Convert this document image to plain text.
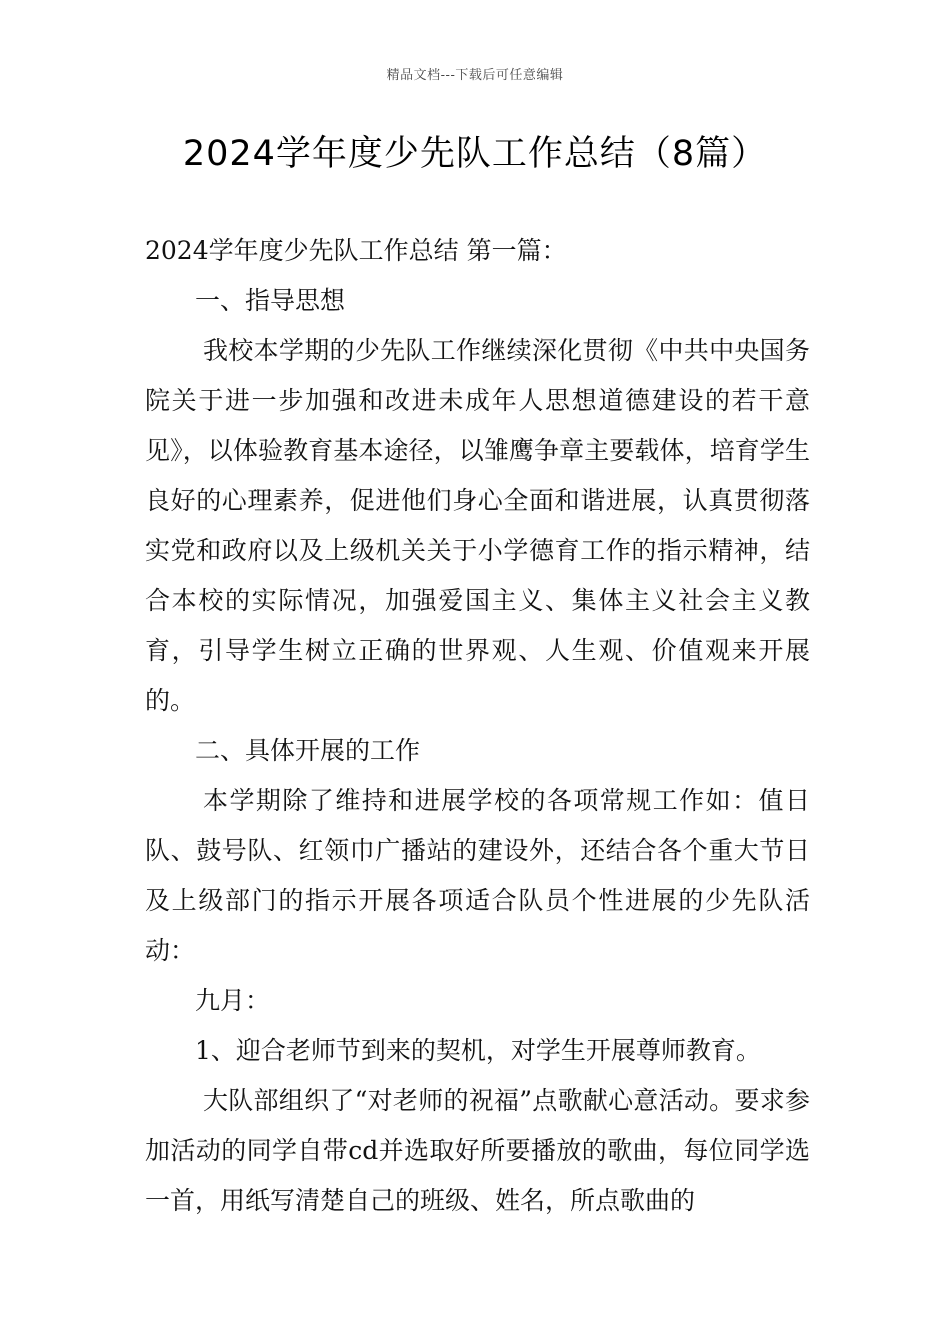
精品文档---下载后可任意编辑
2024学年度少先队工作总结（8篇）

2024学年度少先队工作总结 第一篇：

一、指导思想

我校本学期的少先队工作继续深化贯彻《中共中央国务院关于进一步加强和改进未成年人思想道德建设的若干意见》，以体验教育基本途径，以雏鹰争章主要载体，培育学生良好的心理素养，促进他们身心全面和谐进展，认真贯彻落实党和政府以及上级机关关于小学德育工作的指示精神，结合本校的实际情况，加强爱国主义、集体主义社会主义教育，引导学生树立正确的世界观、人生观、价值观来开展的。

二、具体开展的工作

本学期除了维持和进展学校的各项常规工作如：值日队、鼓号队、红领巾广播站的建设外，还结合各个重大节日及上级部门的指示开展各项适合队员个性进展的少先队活动：

九月：

1、迎合老师节到来的契机，对学生开展尊师教育。

大队部组织了“对老师的祝福”点歌献心意活动。要求参加活动的同学自带cd并选取好所要播放的歌曲，每位同学选一首，用纸写清楚自己的班级、姓名，所点歌曲的
